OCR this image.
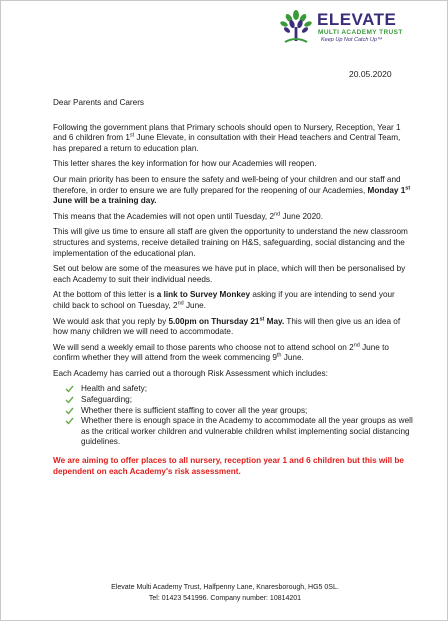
ELEVATE
MULTI ACADEMY TRUST
Keep Up Not Catch Up™
20.05.2020

Dear Parents and Carers

Following the government plans that Primary schools should open to Nursery, Reception, Year 1 and 6 children from 1st June Elevate, in consultation with their Head teachers and Central Team, has prepared a return to education plan.

This letter shares the key information for how our Academies will reopen.

Our main priority has been to ensure the safety and well-being of your children and our staff and therefore, in order to ensure we are fully prepared for the reopening of our Academies, Monday 1st June will be a training day.

This means that the Academies will not open until Tuesday, 2nd June 2020.

This will give us time to ensure all staff are given the opportunity to understand the new classroom structures and systems, receive detailed training on H&S, safeguarding, social distancing and the implementation of the educational plan.

Set out below are some of the measures we have put in place, which will then be personalised by each Academy to suit their individual needs.

At the bottom of this letter is a link to Survey Monkey asking if you are intending to send your child back to school on Tuesday, 2nd June.

We would ask that you reply by 5.00pm on Thursday 21st May. This will then give us an idea of how many children we will need to accommodate.

We will send a weekly email to those parents who choose not to attend school on 2nd June to confirm whether they will attend from the week commencing 9th June.

Each Academy has carried out a thorough Risk Assessment which includes:

Health and safety;
Safeguarding;
Whether there is sufficient staffing to cover all the year groups;
Whether there is enough space in the Academy to accommodate all the year groups as well as the critical worker children and vulnerable children whilst implementing social distancing guidelines.

We are aiming to offer places to all nursery, reception year 1 and 6 children but this will be dependent on each Academy's risk assessment.

Elevate Multi Academy Trust, Halfpenny Lane, Knaresborough, HG5 0SL.
Tel: 01423 541996. Company number: 10814201
